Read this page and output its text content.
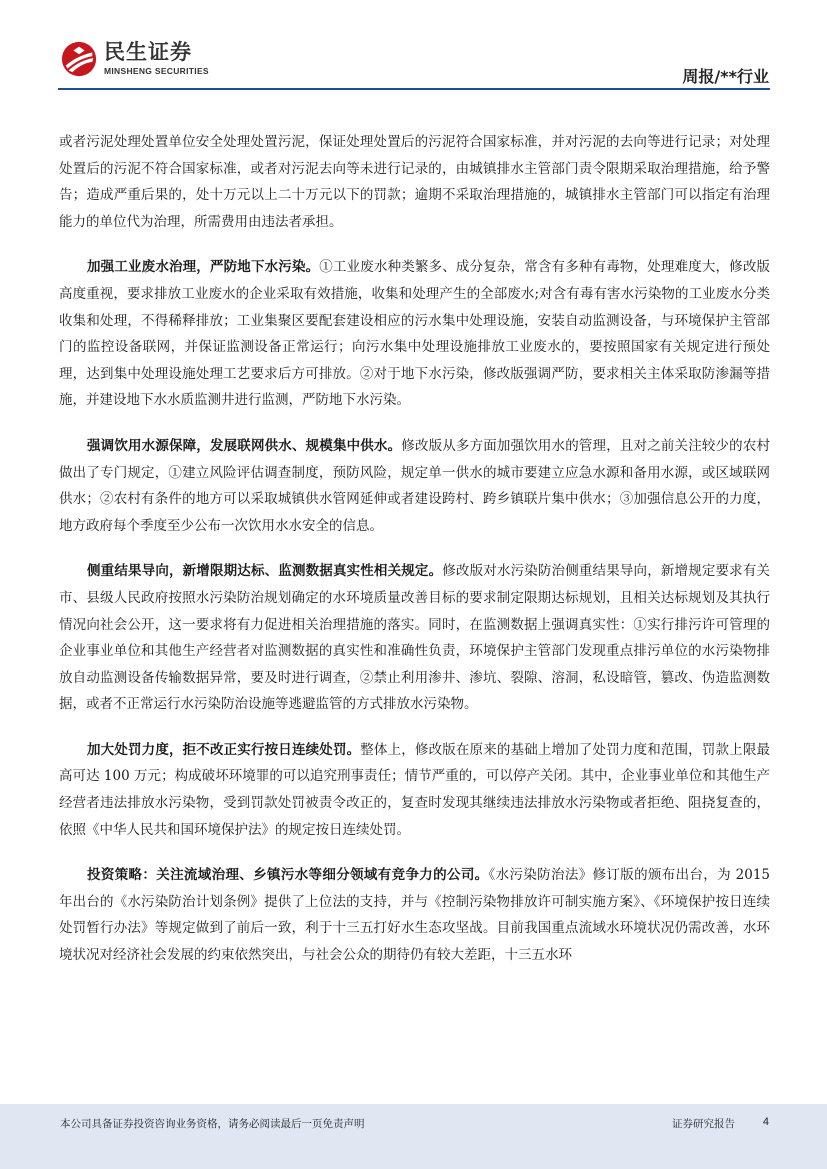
民生证券
MINSHENG SECURITIES	周报/**行业

或者污泥处理处置单位安全处理处置污泥，保证处理处置后的污泥符合国家标准，并对污泥的去向等进行记录；对处理处置后的污泥不符合国家标准，或者对污泥去向等未进行记录的，由城镇排水主管部门责令限期采取治理措施，给予警告；造成严重后果的，处十万元以上二十万元以下的罚款；逾期不采取治理措施的，城镇排水主管部门可以指定有治理能力的单位代为治理，所需费用由违法者承担。

加强工业废水治理，严防地下水污染。①工业废水种类繁多、成分复杂，常含有多种有毒物，处理难度大，修改版高度重视，要求排放工业废水的企业采取有效措施，收集和处理产生的全部废水;对含有毒有害水污染物的工业废水分类收集和处理，不得稀释排放；工业集聚区要配套建设相应的污水集中处理设施，安装自动监测设备，与环境保护主管部门的监控设备联网，并保证监测设备正常运行；向污水集中处理设施排放工业废水的，要按照国家有关规定进行预处理，达到集中处理设施处理工艺要求后方可排放。②对于地下水污染，修改版强调严防，要求相关主体采取防渗漏等措施，并建设地下水水质监测井进行监测，严防地下水污染。

强调饮用水源保障，发展联网供水、规模集中供水。修改版从多方面加强饮用水的管理，且对之前关注较少的农村做出了专门规定，①建立风险评估调查制度，预防风险，规定单一供水的城市要建立应急水源和备用水源，或区域联网供水；②农村有条件的地方可以采取城镇供水管网延伸或者建设跨村、跨乡镇联片集中供水；③加强信息公开的力度，地方政府每个季度至少公布一次饮用水水安全的信息。

侧重结果导向，新增限期达标、监测数据真实性相关规定。修改版对水污染防治侧重结果导向，新增规定要求有关市、县级人民政府按照水污染防治规划确定的水环境质量改善目标的要求制定限期达标规划，且相关达标规划及其执行情况向社会公开，这一要求将有力促进相关治理措施的落实。同时，在监测数据上强调真实性：①实行排污许可管理的企业事业单位和其他生产经营者对监测数据的真实性和准确性负责，环境保护主管部门发现重点排污单位的水污染物排放自动监测设备传输数据异常，要及时进行调查，②禁止利用渗井、渗坑、裂隙、溶洞，私设暗管，篡改、伪造监测数据，或者不正常运行水污染防治设施等逃避监管的方式排放水污染物。

加大处罚力度，拒不改正实行按日连续处罚。整体上，修改版在原来的基础上增加了处罚力度和范围，罚款上限最高可达 100 万元；构成破坏环境罪的可以追究刑事责任；情节严重的，可以停产关闭。其中，企业事业单位和其他生产经营者违法排放水污染物，受到罚款处罚被责令改正的，复查时发现其继续违法排放水污染物或者拒绝、阻挠复查的，依照《中华人民共和国环境保护法》的规定按日连续处罚。

投资策略：关注流域治理、乡镇污水等细分领域有竞争力的公司。《水污染防治法》修订版的颁布出台，为 2015 年出台的《水污染防治计划条例》提供了上位法的支持，并与《控制污染物排放许可制实施方案》、《环境保护按日连续处罚暂行办法》等规定做到了前后一致，利于十三五打好水生态攻坚战。目前我国重点流域水环境状况仍需改善，水环境状况对经济社会发展的约束依然突出，与社会公众的期待仍有较大差距，十三五水环

本公司具备证券投资咨询业务资格，请务必阅读最后一页免责声明	证券研究报告	4
